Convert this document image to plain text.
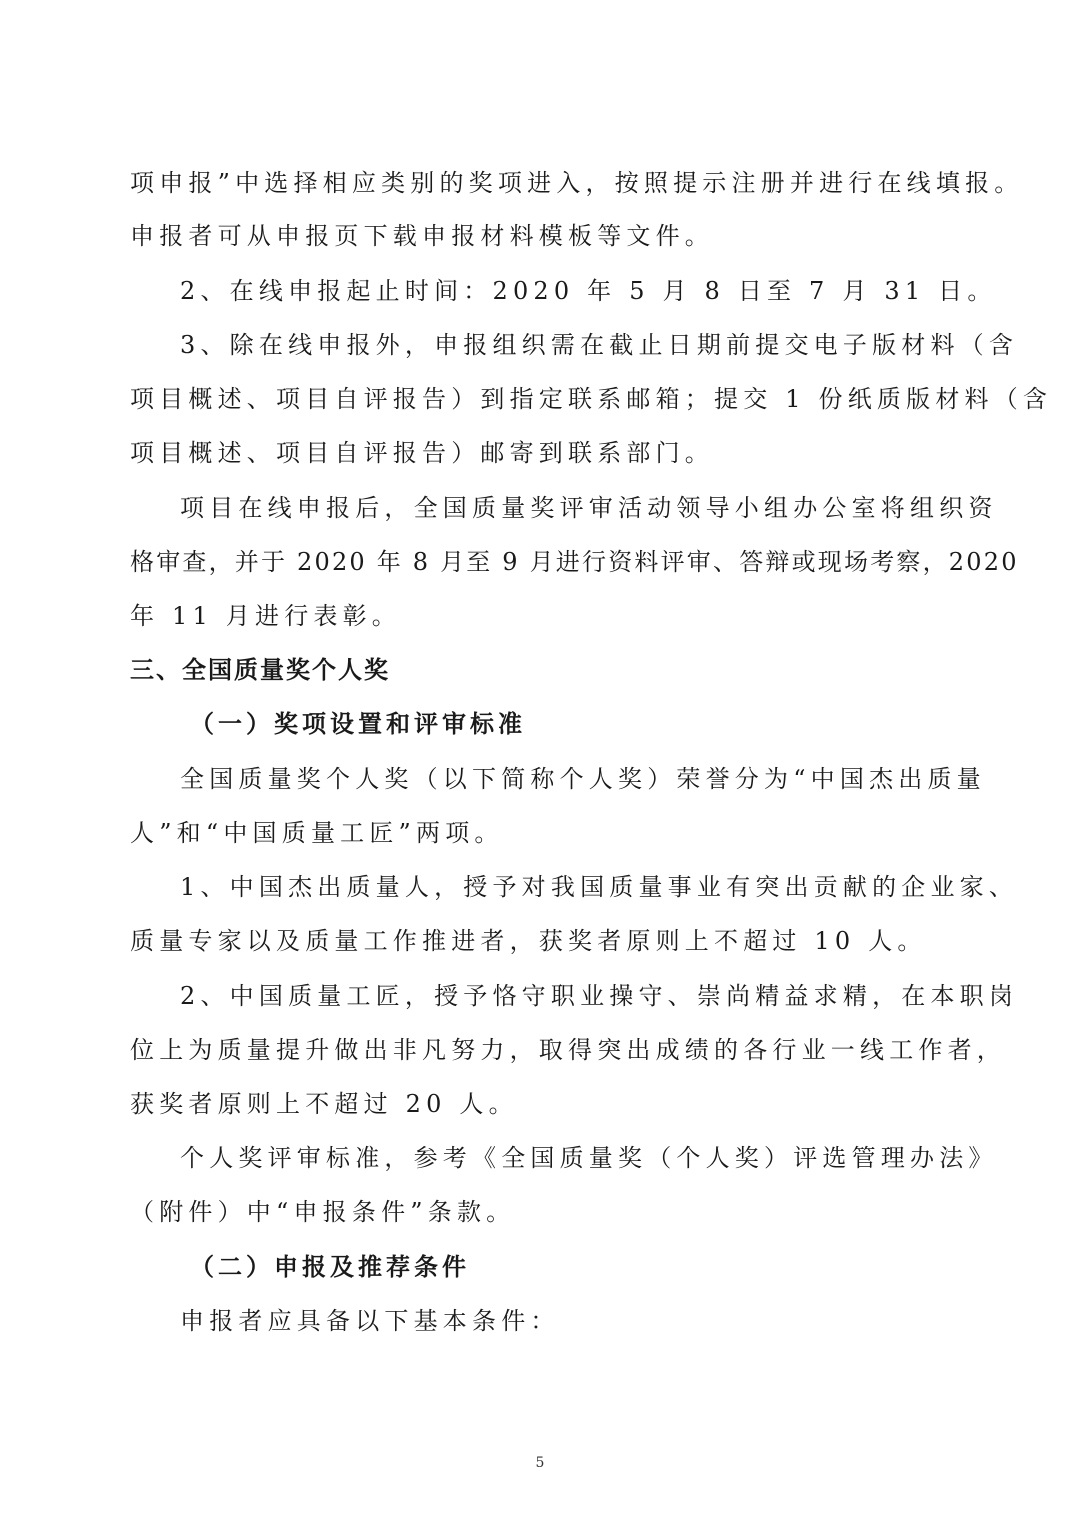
项申报”中选择相应类别的奖项进入，按照提示注册并进行在线填报。
申报者可从申报页下载申报材料模板等文件。
2、在线申报起止时间：2020 年 5 月 8 日至 7 月 31 日。
3、除在线申报外，申报组织需在截止日期前提交电子版材料（含
项目概述、项目自评报告）到指定联系邮箱；提交 1 份纸质版材料（含
项目概述、项目自评报告）邮寄到联系部门。
项目在线申报后，全国质量奖评审活动领导小组办公室将组织资
格审查，并于 2020 年 8 月至 9 月进行资料评审、答辩或现场考察，2020
年 11 月进行表彰。
三、全国质量奖个人奖
（一）奖项设置和评审标准
全国质量奖个人奖（以下简称个人奖）荣誉分为“中国杰出质量
人”和“中国质量工匠”两项。
1、中国杰出质量人，授予对我国质量事业有突出贡献的企业家、
质量专家以及质量工作推进者，获奖者原则上不超过 10 人。
2、中国质量工匠，授予恪守职业操守、崇尚精益求精，在本职岗
位上为质量提升做出非凡努力，取得突出成绩的各行业一线工作者，
获奖者原则上不超过 20 人。
个人奖评审标准，参考《全国质量奖（个人奖）评选管理办法》
（附件）中“申报条件”条款。
（二）申报及推荐条件
申报者应具备以下基本条件：
5
